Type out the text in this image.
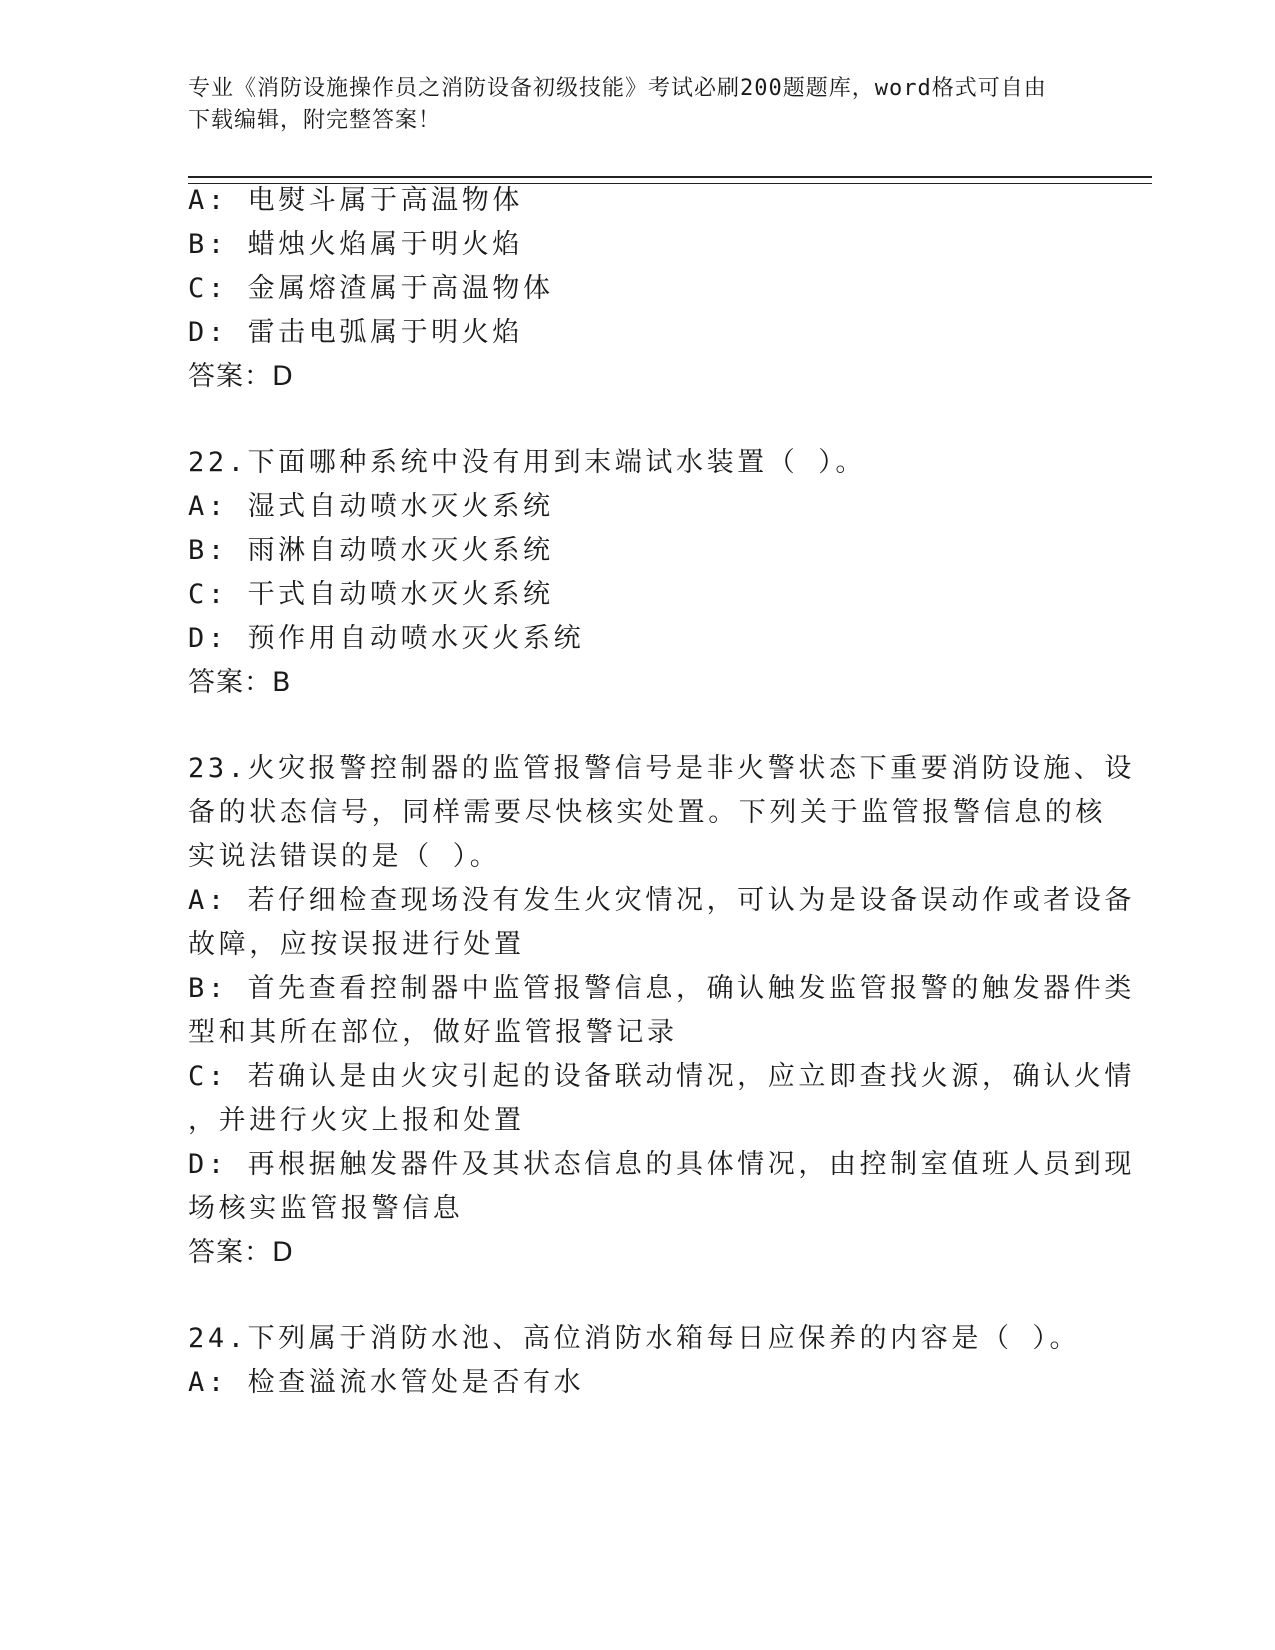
专业《消防设施操作员之消防设备初级技能》考试必刷200题题库，word格式可自由下载编辑，附完整答案！
A: 电熨斗属于高温物体
B: 蜡烛火焰属于明火焰
C: 金属熔渣属于高温物体
D: 雷击电弧属于明火焰
答案：D
22.下面哪种系统中没有用到末端试水装置（ ）。
A: 湿式自动喷水灭火系统
B: 雨淋自动喷水灭火系统
C: 干式自动喷水灭火系统
D: 预作用自动喷水灭火系统
答案：B
23.火灾报警控制器的监管报警信号是非火警状态下重要消防设施、设
备的状态信号，同样需要尽快核实处置。下列关于监管报警信息的核
实说法错误的是（ ）。
A: 若仔细检查现场没有发生火灾情况，可认为是设备误动作或者设备
故障，应按误报进行处置
B: 首先查看控制器中监管报警信息，确认触发监管报警的触发器件类
型和其所在部位，做好监管报警记录
C: 若确认是由火灾引起的设备联动情况，应立即查找火源，确认火情
，并进行火灾上报和处置
D: 再根据触发器件及其状态信息的具体情况，由控制室值班人员到现
场核实监管报警信息
答案：D
24.下列属于消防水池、高位消防水箱每日应保养的内容是（ ）。
A: 检查溢流水管处是否有水
